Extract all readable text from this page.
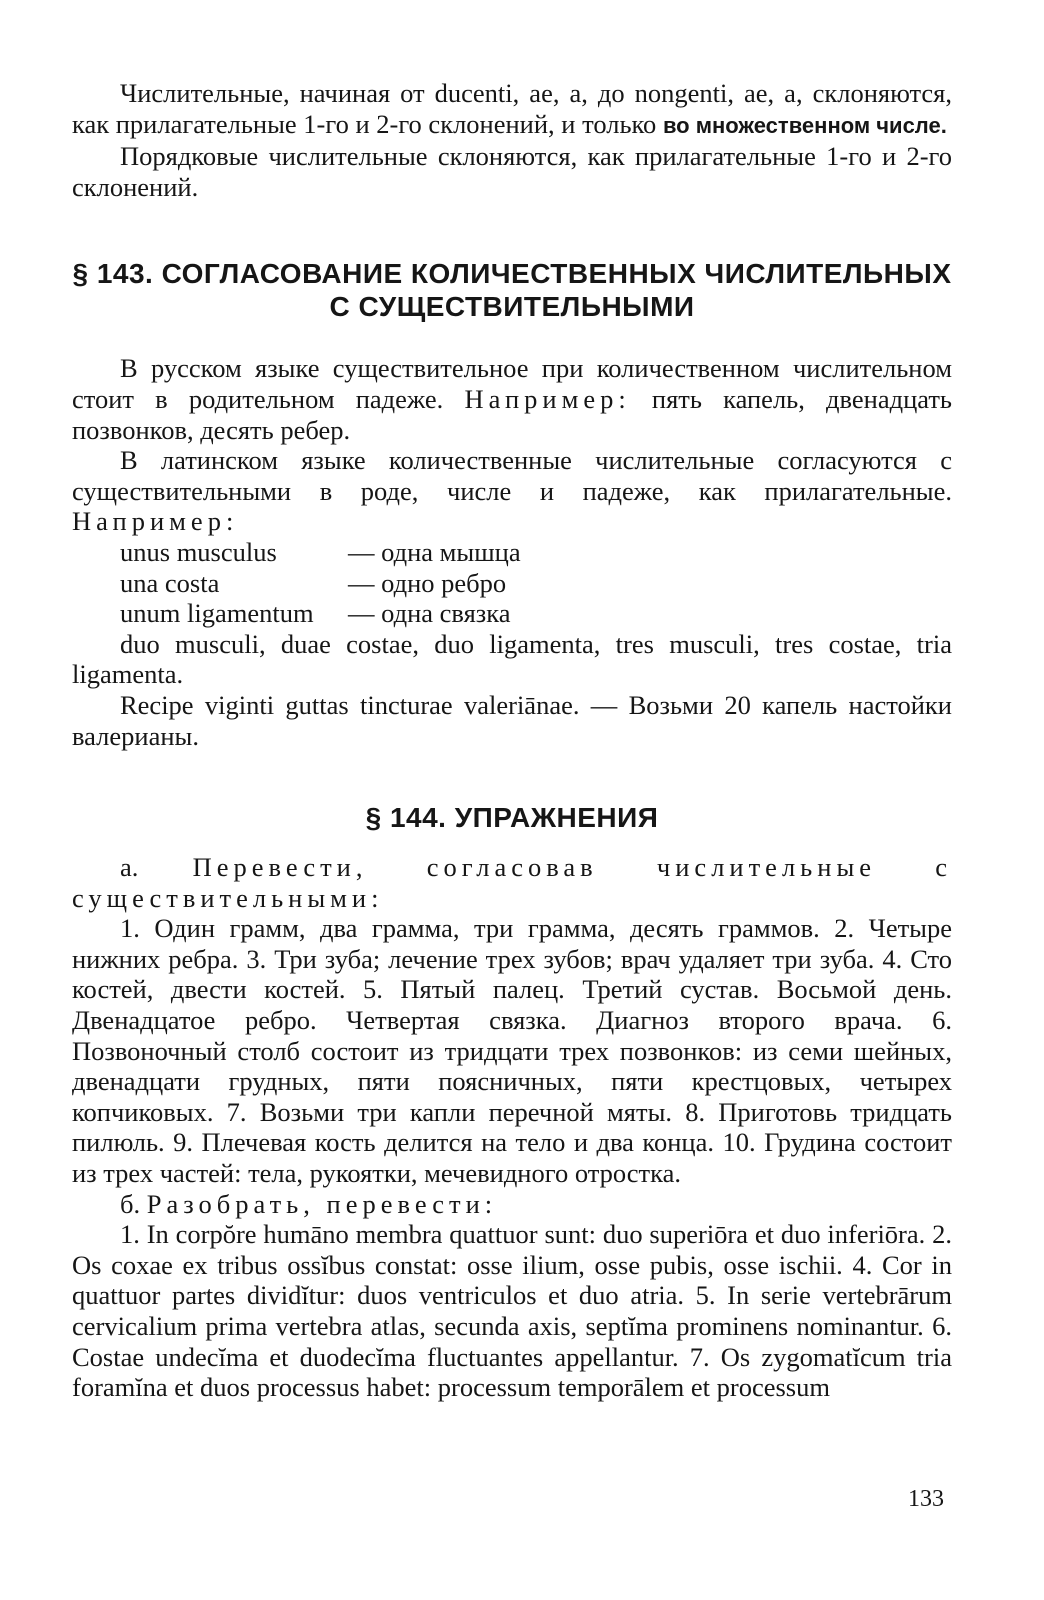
Числительные, начиная от ducenti, ae, a, до nongenti, ae, a, склоняются, как прилагательные 1-го и 2-го склонений, и только во множественном числе.

Порядковые числительные склоняются, как прилагательные 1-го и 2-го склонений.

§ 143. СОГЛАСОВАНИЕ КОЛИЧЕСТВЕННЫХ ЧИСЛИТЕЛЬНЫХ
С СУЩЕСТВИТЕЛЬНЫМИ

В русском языке существительное при количественном числительном стоит в родительном падеже. Например: пять капель, двенадцать позвонков, десять ребер.

В латинском языке количественные числительные согласуются с существительными в роде, числе и падеже, как прилагательные. Например:

unus musculus	— одна мышца
una costa	— одно ребро
unum ligamentum	— одна связка

duo musculi, duae costae, duo ligamenta, tres musculi, tres costae, tria ligamenta.

Recipe viginti guttas tincturae valeriānae. — Возьми 20 капель настойки валерианы.

§ 144. УПРАЖНЕНИЯ

а. Перевести, согласовав числительные с существительными:

1. Один грамм, два грамма, три грамма, десять граммов. 2. Четыре нижних ребра. 3. Три зуба; лечение трех зубов; врач удаляет три зуба. 4. Сто костей, двести костей. 5. Пятый палец. Третий сустав. Восьмой день. Двенадцатое ребро. Четвертая связка. Диагноз второго врача. 6. Позвоночный столб состоит из тридцати трех позвонков: из семи шейных, двенадцати грудных, пяти поясничных, пяти крестцовых, четырех копчиковых. 7. Возьми три капли перечной мяты. 8. Приготовь тридцать пилюль. 9. Плечевая кость делится на тело и два конца. 10. Грудина состоит из трех частей: тела, рукоятки, мечевидного отростка.

б. Разобрать, перевести:

1. In corpŏre humāno membra quattuor sunt: duo superiōra et duo inferiōra. 2. Os coxae ex tribus ossĭbus constat: osse ilium, osse pubis, osse ischii. 4. Cor in quattuor partes dividĭtur: duos ventriculos et duo atria. 5. In serie vertebrārum cervicalium prima vertebra atlas, secunda axis, septĭma prominens nominantur. 6. Costae undecĭma et duodecĭma fluctuantes appellantur. 7. Os zygomatĭcum tria foramĭna et duos processus habet: processum temporālem et processum

133
